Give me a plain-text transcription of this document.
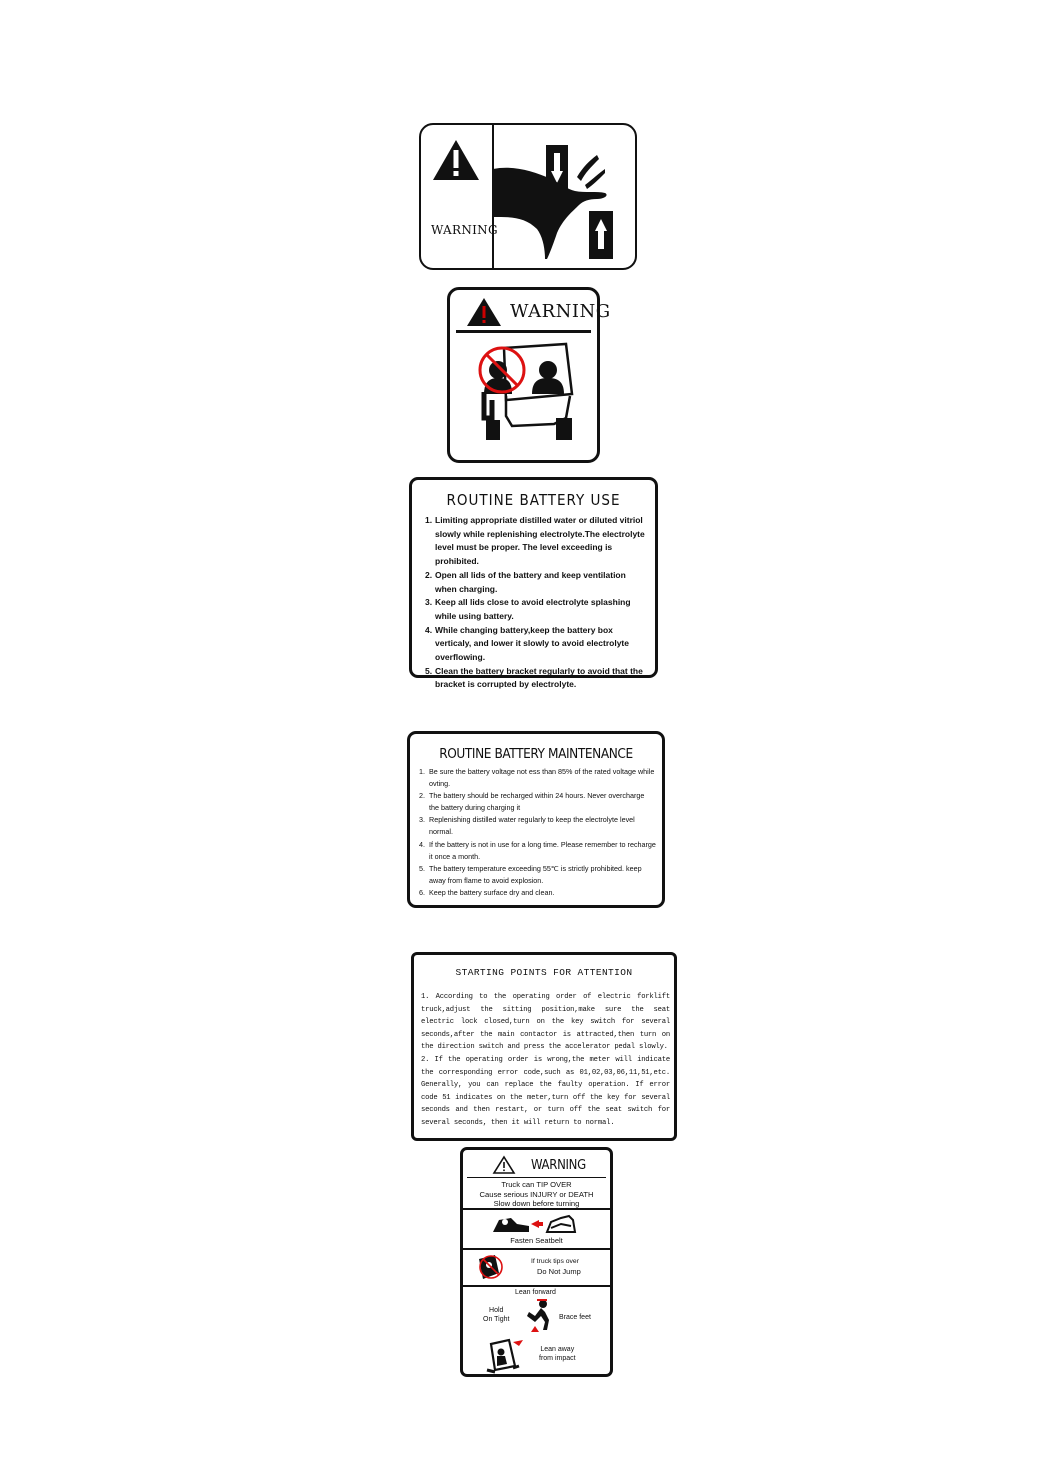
WARNING
WARNING
ROUTINE BATTERY USE
1. Limiting appropriate distilled water or diluted vitriol slowly while replenishing electrolyte.The electrolyte level must be proper. The level exceeding is prohibited.
2. Open all lids of the battery and keep ventilation when charging.
3. Keep all lids close to avoid electrolyte splashing while using battery.
4. While changing battery,keep the battery box verticaly, and lower it slowly to avoid electrolyte overflowing.
5. Clean the battery bracket regularly to avoid that the bracket is corrupted by electrolyte.
ROUTINE BATTERY MAINTENANCE
1. Be sure the battery voltage not ess than 85% of the rated voltage while ovting.
2. The battery should be recharged within 24 hours. Never overcharge the battery during charging it
3. Replenishing distilled water regularly to keep the electrolyte level normal.
4. If the battery is not in use for a long time. Please remember to recharge it once a month.
5. The battery temperature exceeding 55℃ is strictly prohibited. keep away from flame to avoid explosion.
6. Keep the battery surface dry and clean.
STARTING POINTS FOR ATTENTION

1. According to the operating order of electric forklift truck,adjust the sitting position,make sure the seat electric lock closed,turn on the key switch for several seconds,after the main contactor is attracted,then turn on the direction switch and press the accelerator pedal slowly.

2. If the operating order is wrong,the meter will indicate the corresponding error code,such as 01,02,03,06,11,51,etc. Generally, you can replace the faulty operation. If error code 51 indicates on the meter,turn off the key for several seconds and then restart, or turn off the seat switch for several seconds, then it will return to normal.

WARNING
Truck can TIP OVER
Cause serious INJURY or DEATH
Slow down before turning
Fasten Seatbelt
If truck tips over
Do Not Jump
Lean forward
Hold
On Tight	Brace feet
Lean away
from impact
